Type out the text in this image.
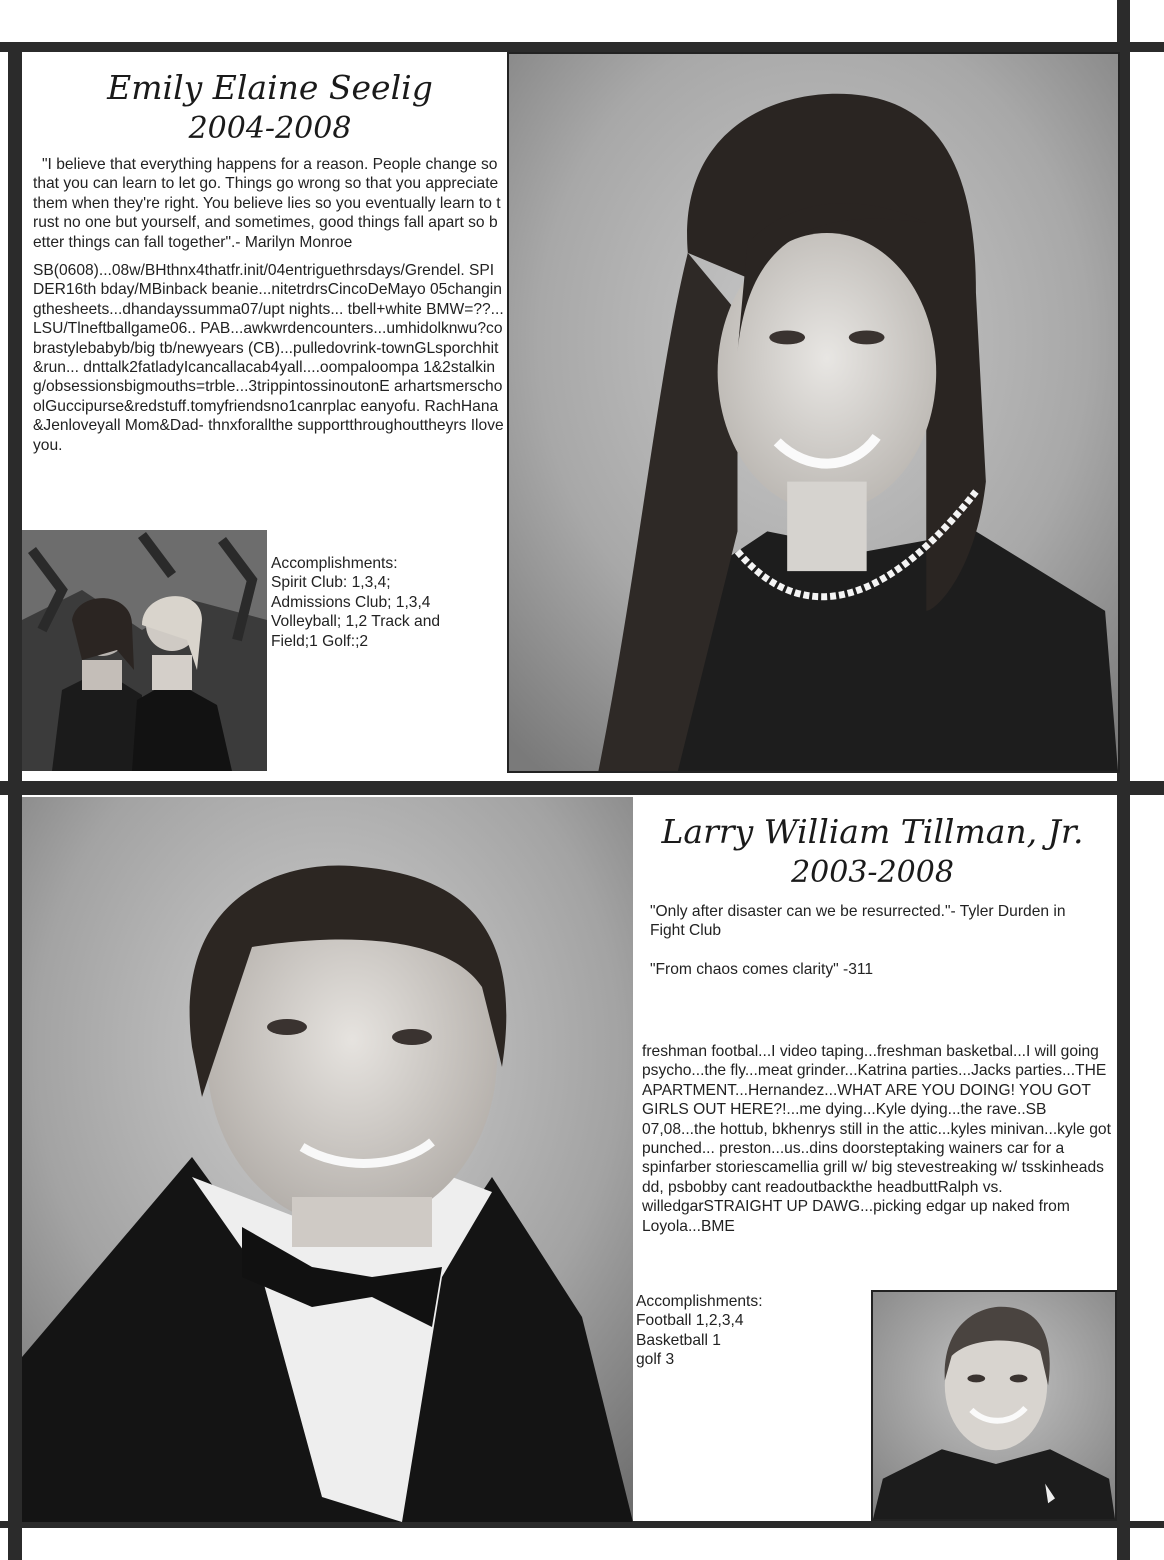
Emily Elaine Seelig
2004-2008

"I believe that everything happens for a reason. People change so that you can learn to let go. Things go wrong so that you appreciate them when they're right. You believe lies so you eventually learn to trust no one but yourself, and sometimes, good things fall apart so better things can fall together".- Marilyn Monroe

SB(0608)...08w/BHthnx4thatfr.init/04entriguethrsdays/Grendel. SPIDER16th bday/MBinback beanie...nitetrdrsCincoDeMayo 05changingthesheets...dhandayssumma07/upt nights... tbell+white BMW=??...LSU/Tlneftballgame06.. PAB...awkwrdencounters...umhidolknwu?cobrastylebabyb/big tb/newyears (CB)...pulledovrink-townGLsporchhit&run... dnttalk2fatladyIcancallacab4yall....oompaloompa 1&2stalking/obsessionsbigmouths=trble...3trippintossinoutonE arhartsmerschoolGuccipurse&redstuff.tomyfriendsno1canrplac eanyofu. RachHana&Jenloveyall Mom&Dad- thnxforallthe supportthroughouttheyrs Iloveyou.

Accomplishments:
Spirit Club: 1,3,4;
Admissions Club; 1,3,4
Volleyball; 1,2 Track and
Field;1 Golf:;2
Larry William Tillman, Jr.
2003-2008

"Only after disaster can we be resurrected."- Tyler Durden in Fight Club

"From chaos comes clarity" -311

freshman footbal...I video taping...freshman basketbal...I will going psycho...the fly...meat grinder...Katrina parties...Jacks parties...THE APARTMENT...Hernandez...WHAT ARE YOU DOING! YOU GOT GIRLS OUT HERE?!...me dying...Kyle dying...the rave..SB 07,08...the hottub, bkhenrys still in the attic...kyles minivan...kyle got punched... preston...us..dins doorsteptaking wainers car for a spinfarber storiescamellia grill w/ big stevestreaking w/ tsskinheads dd, psbobby cant readoutbackthe headbuttRalph vs. willedgarSTRAIGHT UP DAWG...picking edgar up naked from Loyola...BME
Accomplishments:
Football 1,2,3,4
Basketball 1
golf 3
